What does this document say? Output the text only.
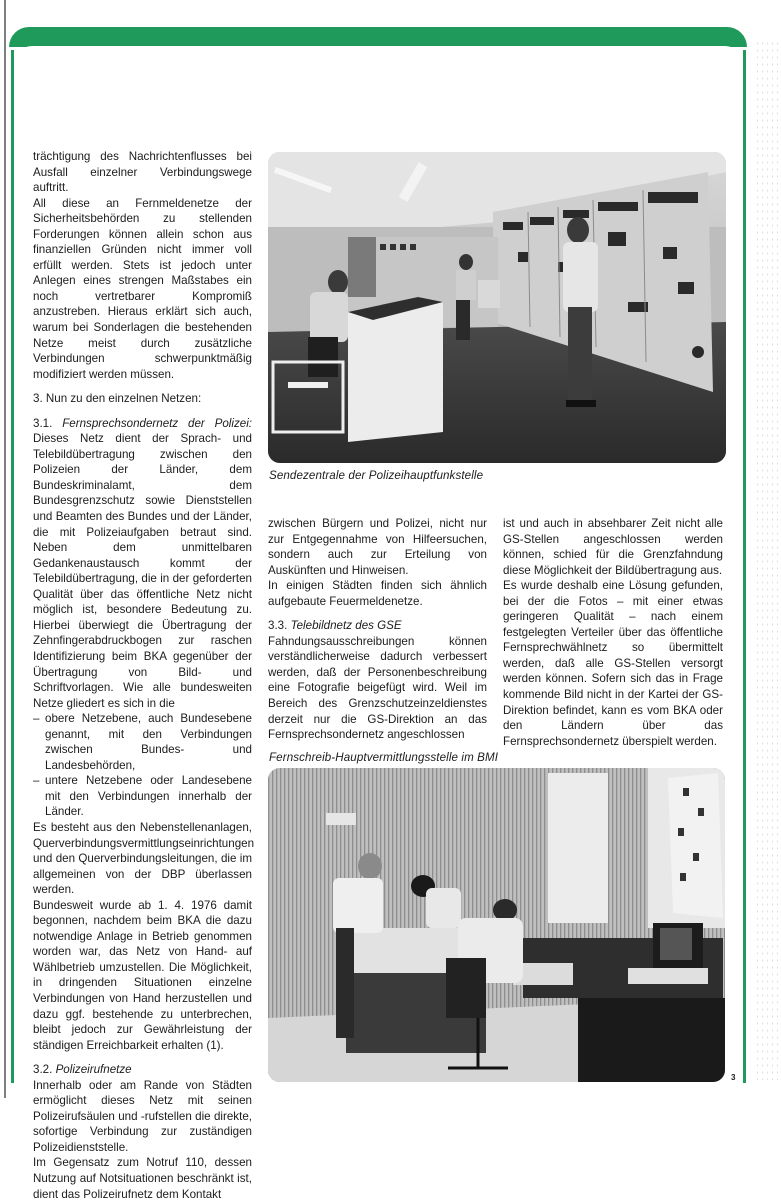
trächtigung des Nachrichtenflusses bei Ausfall einzelner Verbindungswege auftritt.

All diese an Fernmeldenetze der Sicherheitsbehörden zu stellenden Forderungen können allein schon aus finanziellen Gründen nicht immer voll erfüllt werden. Stets ist jedoch unter Anlegen eines strengen Maßstabes ein noch vertretbarer Kompromiß anzustreben. Hieraus erklärt sich auch, warum bei Sonderlagen die bestehenden Netze meist durch zusätzliche Verbindungen schwerpunktmäßig modifiziert werden müssen.

3. Nun zu den einzelnen Netzen:

3.1. Fernsprechsondernetz der Polizei: Dieses Netz dient der Sprach- und Telebildübertragung zwischen den Polizeien der Länder, dem Bundeskriminalamt, dem Bundesgrenzschutz sowie Dienststellen und Beamten des Bundes und der Länder, die mit Polizeiaufgaben betraut sind. Neben dem unmittelbaren Gedankenaustausch kommt der Telebildübertragung, die in der geforderten Qualität über das öffentliche Netz nicht möglich ist, besondere Bedeutung zu. Hierbei überwiegt die Übertragung der Zehnfingerabdruckbogen zur raschen Identifizierung beim BKA gegenüber der Übertragung von Bild- und Schriftvorlagen. Wie alle bundesweiten Netze gliedert es sich in die

– obere Netzebene, auch Bundesebene genannt, mit den Verbindungen zwischen Bundes- und Landesbehörden,
– untere Netzebene oder Landesebene mit den Verbindungen innerhalb der Länder.

Es besteht aus den Nebenstellenanlagen, Querverbindungsvermittlungseinrichtungen und den Querverbindungsleitungen, die im allgemeinen von der DBP überlassen werden.

Bundesweit wurde ab 1. 4. 1976 damit begonnen, nachdem beim BKA die dazu notwendige Anlage in Betrieb genommen worden war, das Netz von Hand- auf Wählbetrieb umzustellen. Die Möglichkeit, in dringenden Situationen einzelne Verbindungen von Hand herzustellen und dazu ggf. bestehende zu unterbrechen, bleibt jedoch zur Gewährleistung der ständigen Erreichbarkeit erhalten (1).

3.2. Polizeirufnetze

Innerhalb oder am Rande von Städten ermöglicht dieses Netz mit seinen Polizeirufsäulen und -rufstellen die direkte, sofortige Verbindung zur zuständigen Polizeidienststelle.

Im Gegensatz zum Notruf 110, dessen Nutzung auf Notsituationen beschränkt ist, dient das Polizeirufnetz dem Kontakt

Sendezentrale der Polizeihauptfunkstelle

zwischen Bürgern und Polizei, nicht nur zur Entgegennahme von Hilfeersuchen, sondern auch zur Erteilung von Auskünften und Hinweisen.

In einigen Städten finden sich ähnlich aufgebaute Feuermeldenetze.

3.3. Telebildnetz des GSE

Fahndungsausschreibungen können verständlicherweise dadurch verbessert werden, daß der Personenbeschreibung eine Fotografie beigefügt wird. Weil im Bereich des Grenzschutzeinzeldienstes derzeit nur die GS-Direktion an das Fernsprechsondernetz angeschlossen

ist und auch in absehbarer Zeit nicht alle GS-Stellen angeschlossen werden können, schied für die Grenzfahndung diese Möglichkeit der Bildübertragung aus.

Es wurde deshalb eine Lösung gefunden, bei der die Fotos – mit einer etwas geringeren Qualität – nach einem festgelegten Verteiler über das öffentliche Fernsprechwählnetz so übermittelt werden, daß alle GS-Stellen versorgt werden können. Sofern sich das in Frage kommende Bild nicht in der Kartei der GS-Direktion befindet, kann es vom BKA oder den Ländern über das Fernsprechsondernetz überspielt werden.

Fernschreib-Hauptvermittlungsstelle im BMI
3
